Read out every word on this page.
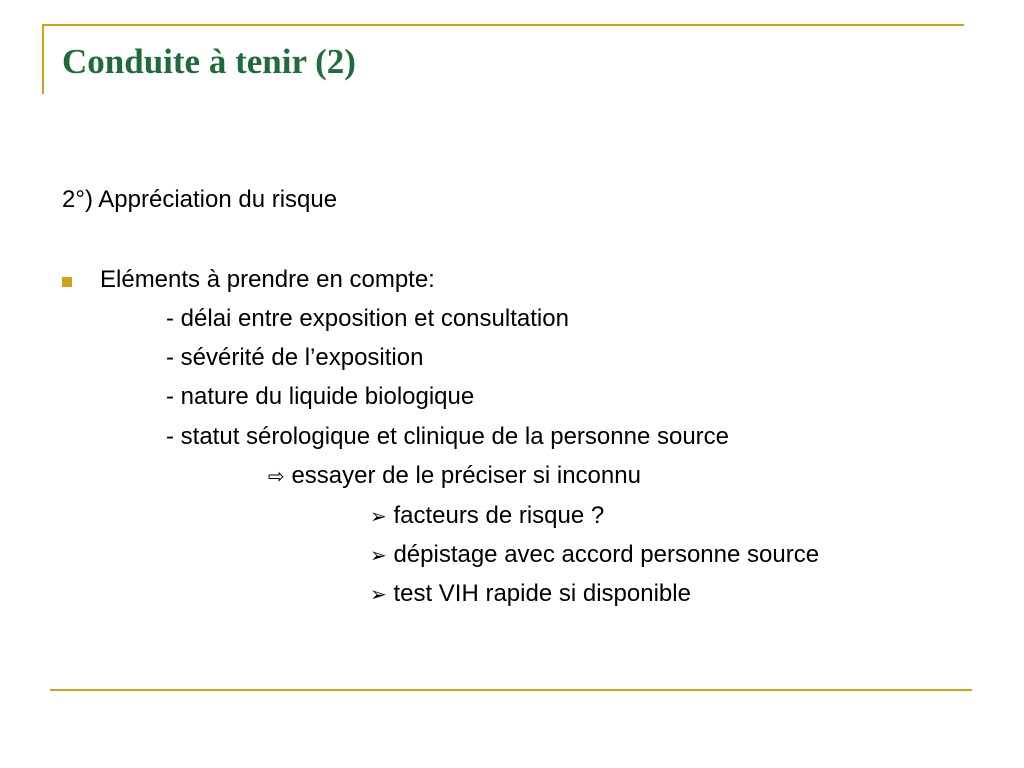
Conduite à tenir (2)

2°) Appréciation du risque

Eléments à prendre en compte:

- délai entre exposition et consultation

- sévérité de l’exposition

- nature du liquide biologique

- statut sérologique et clinique de la personne source

⇨ essayer de le préciser si inconnu

➢ facteurs de risque ?

➢ dépistage avec accord personne source

➢ test VIH rapide si disponible
